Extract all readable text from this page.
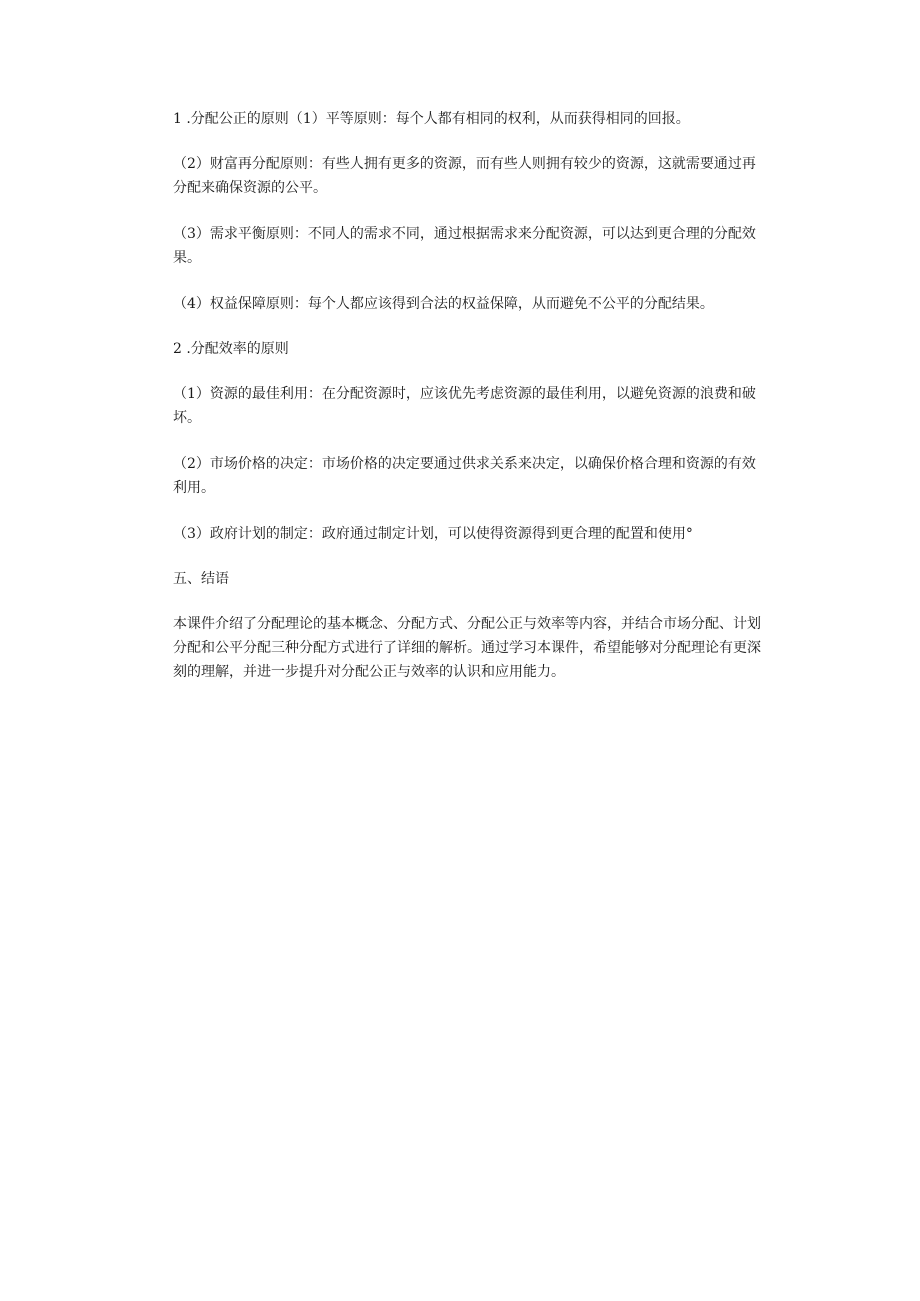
1 .分配公正的原则（1）平等原则：每个人都有相同的权利，从而获得相同的回报。

（2）财富再分配原则：有些人拥有更多的资源，而有些人则拥有较少的资源，这就需要通过再分配来确保资源的公平。

（3）需求平衡原则：不同人的需求不同，通过根据需求来分配资源，可以达到更合理的分配效果。

（4）权益保障原则：每个人都应该得到合法的权益保障，从而避免不公平的分配结果。

2 .分配效率的原则

（1）资源的最佳利用：在分配资源时，应该优先考虑资源的最佳利用，以避免资源的浪费和破坏。

（2）市场价格的决定：市场价格的决定要通过供求关系来决定，以确保价格合理和资源的有效利用。

（3）政府计划的制定：政府通过制定计划，可以使得资源得到更合理的配置和使用°

五、结语

本课件介绍了分配理论的基本概念、分配方式、分配公正与效率等内容，并结合市场分配、计划分配和公平分配三种分配方式进行了详细的解析。通过学习本课件，希望能够对分配理论有更深刻的理解，并进一步提升对分配公正与效率的认识和应用能力。
